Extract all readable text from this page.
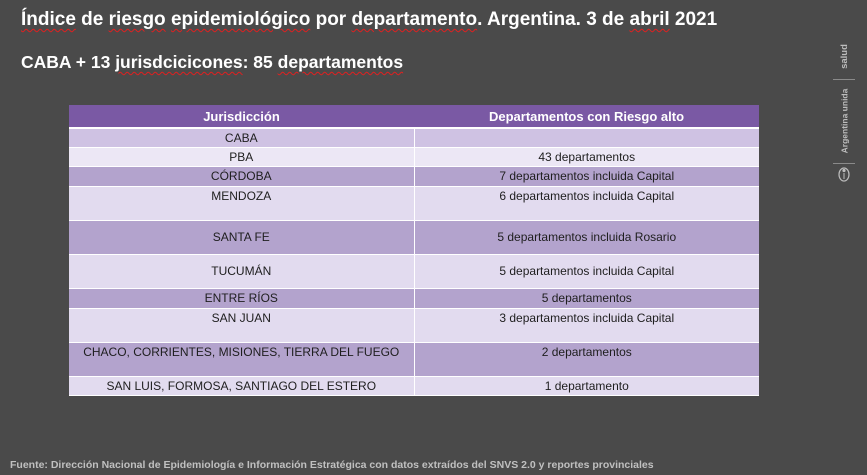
Índice de riesgo epidemiológico por departamento. Argentina. 3 de abril 2021
CABA + 13 jurisdcicicones: 85 departamentos	salud
Argentina unida
Jurisdicción	Departamentos con Riesgo alto
CABA	
PBA	43 departamentos
CÓRDOBA	7 departamentos incluida Capital
MENDOZA	6 departamentos incluida Capital
SANTA FE	5 departamentos incluida Rosario
TUCUMÁN	5 departamentos incluida Capital
ENTRE RÍOS	5 departamentos
SAN JUAN	3 departamentos incluida Capital
CHACO, CORRIENTES, MISIONES, TIERRA DEL FUEGO	2 departamentos
SAN LUIS, FORMOSA, SANTIAGO DEL ESTERO	1 departamento
Fuente: Dirección Nacional de Epidemiología e Información Estratégica con datos extraídos del SNVS 2.0 y reportes provinciales
